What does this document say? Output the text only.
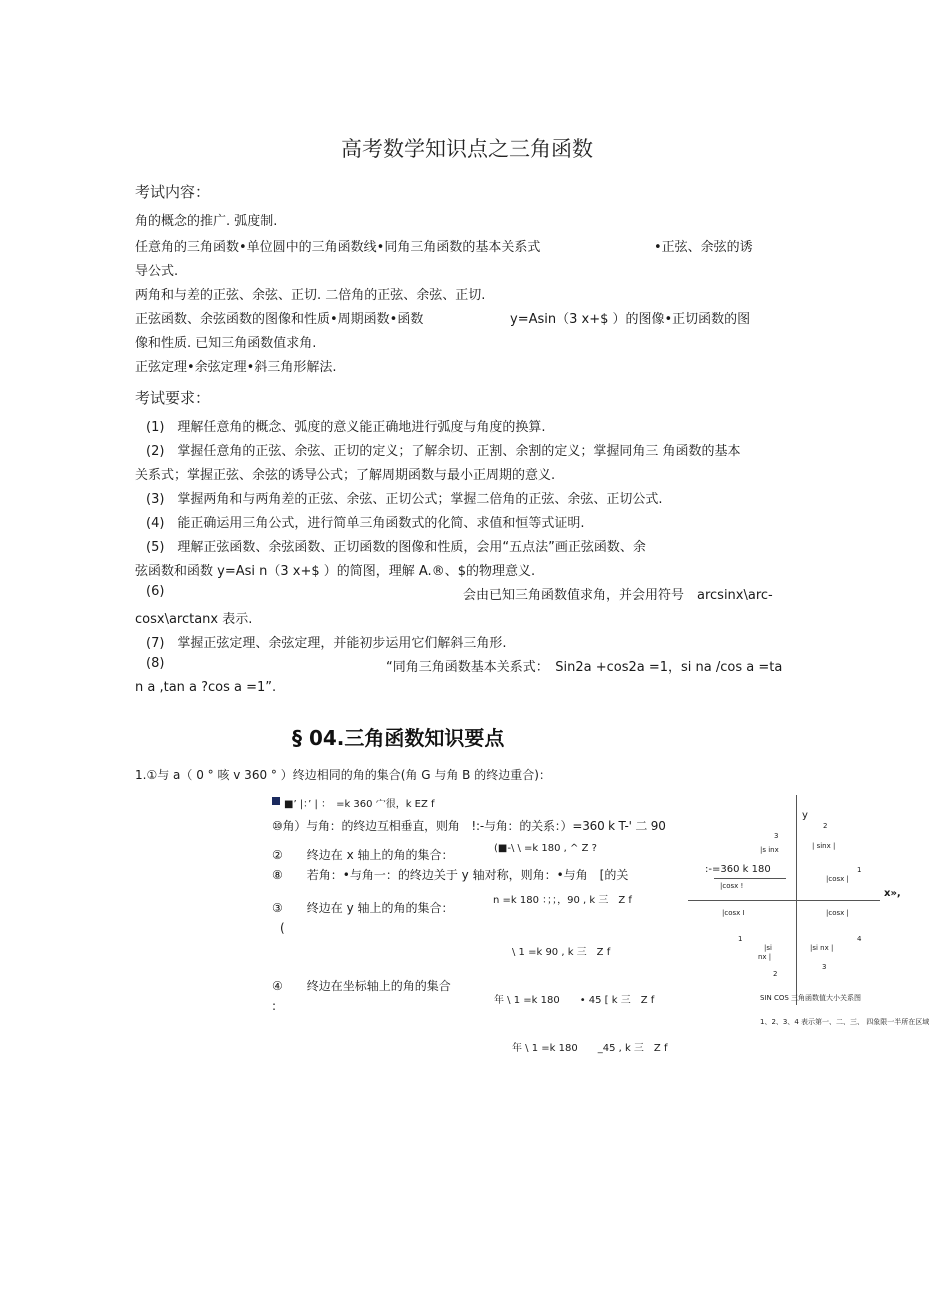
高考数学知识点之三角函数
考试内容：
角的概念的推广. 弧度制.
任意角的三角函数•单位圆中的三角函数线•同角三角函数的基本关系式	•正弦、余弦的诱
导公式.
两角和与差的正弦、余弦、正切. 二倍角的正弦、余弦、正切.
正弦函数、余弦函数的图像和性质•周期函数•函数	y=Asin（3 x+$ ）的图像•正切函数的图
像和性质. 已知三角函数值求角.
正弦定理•余弦定理•斜三角形解法.
考试要求：
(1)　理解任意角的概念、弧度的意义能正确地进行弧度与角度的换算.
(2)　掌握任意角的正弦、余弦、正切的定义；了解余切、正割、余割的定义；掌握同角三 角函数的基本
关系式；掌握正弦、余弦的诱导公式；了解周期函数与最小正周期的意义.
(3)　掌握两角和与两角差的正弦、余弦、正切公式；掌握二倍角的正弦、余弦、正切公式.
(4)　能正确运用三角公式，进行简单三角函数式的化简、求值和恒等式证明.
(5)　理解正弦函数、余弦函数、正切函数的图像和性质，会用“五点法”画正弦函数、余
弦函数和函数 y=Asi n（3 x+$ ）的简图，理解 A.®、$的物理意义.
(6)	会由已知三角函数值求角，并会用符号　arcsinx\arc-
cosx\arctanx 表示.
(7)　掌握正弦定理、余弦定理，并能初步运用它们解斜三角形.
(8)	“同角三角函数基本关系式：　Sin2a +cos2a =1，si na /cos a =ta
n a ,tan a ?cos a =1”.
§ 04.三角函数知识要点
1.①与 a（ 0 ° 咳 v 360 ° ）终边相同的角的集合(角 G 与角 B 的终边重合)：
■’ |：’ | ：　=k 360 宀很，k EZ f
⑩角）与角：的终边互相垂直，则角　!:-与角：的关系：）=360 k T-' 二 90
②　　终边在 x 轴上的角的集合：	(■-\ \ =k 180 , ^ Z ?
⑧　　若角：•与角一：的终边关于 y 轴对称，则角：•与角　[的关	:-=360 k 180
n =k 180 ：；；，90 , k 三　Z f
③　　终边在 y 轴上的角的集合：
(
\ 1 =k 90 , k 三　Z f
④　　终边在坐标轴上的角的集合
:	年 \ 1 =k 180　　• 45 [ k 三　Z f
年 \ 1 =k 180　　_45 , k 三　Z f
y
x»,
3
2
|s inx	| sinx |
1
|cosx !
|cosx |
|cosx I	|cosx |
1	4
|si
nx |
|si nx |
2
3
SIN COS 三角函数值大小关系图
1、2、3、4 表示第一、二、三、 四象限一半所在区域
